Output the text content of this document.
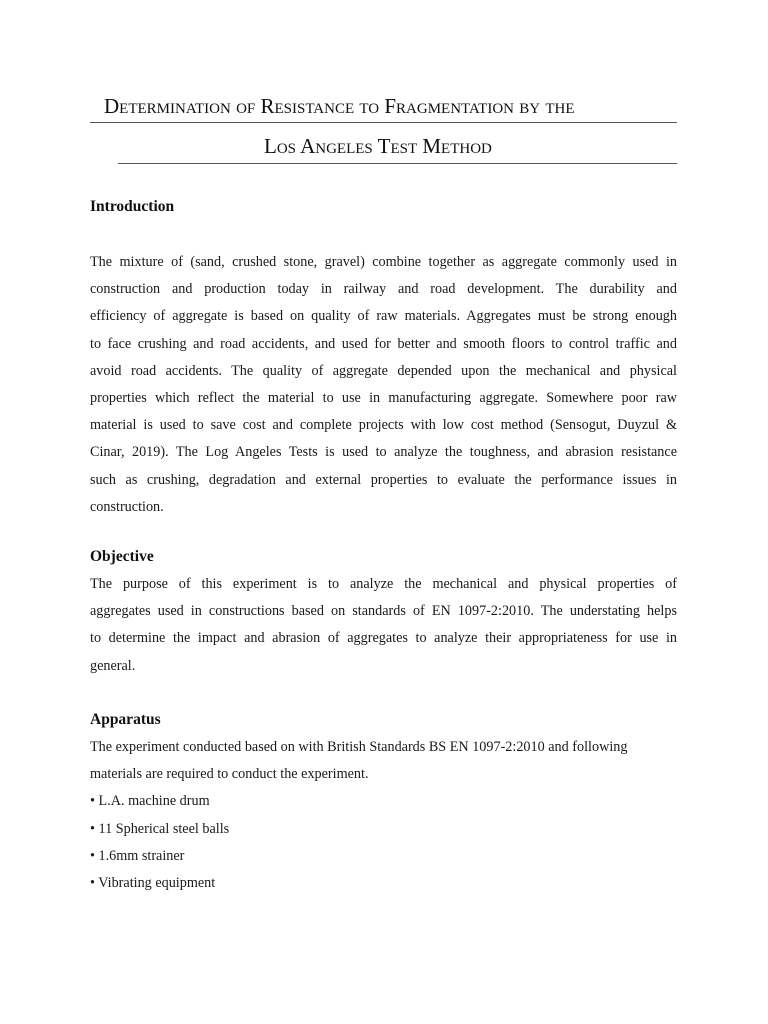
Determination of Resistance to Fragmentation by the
Los Angeles Test Method
Introduction
The mixture of (sand, crushed stone, gravel) combine together as aggregate commonly used in
construction and production today in railway and road development. The durability and
efficiency of aggregate is based on quality of raw materials. Aggregates must be strong enough
to face crushing and road accidents, and used for better and smooth floors to control traffic and
avoid road accidents. The quality of aggregate depended upon the mechanical and physical
properties which reflect the material to use in manufacturing aggregate. Somewhere poor raw
material is used to save cost and complete projects with low cost method (Sensogut, Duyzul &
Cinar, 2019). The Log Angeles Tests is used to analyze the toughness, and abrasion resistance
such as crushing, degradation and external properties to evaluate the performance issues in
construction.
Objective
The purpose of this experiment is to analyze the mechanical and physical properties of
aggregates used in constructions based on standards of EN 1097-2:2010. The understating helps
to determine the impact and abrasion of aggregates to analyze their appropriateness for use in
general.
Apparatus
The experiment conducted based on with British Standards BS EN 1097-2:2010 and following
materials are required to conduct the experiment.
• L.A. machine drum
• 11 Spherical steel balls
• 1.6mm strainer
• Vibrating equipment
